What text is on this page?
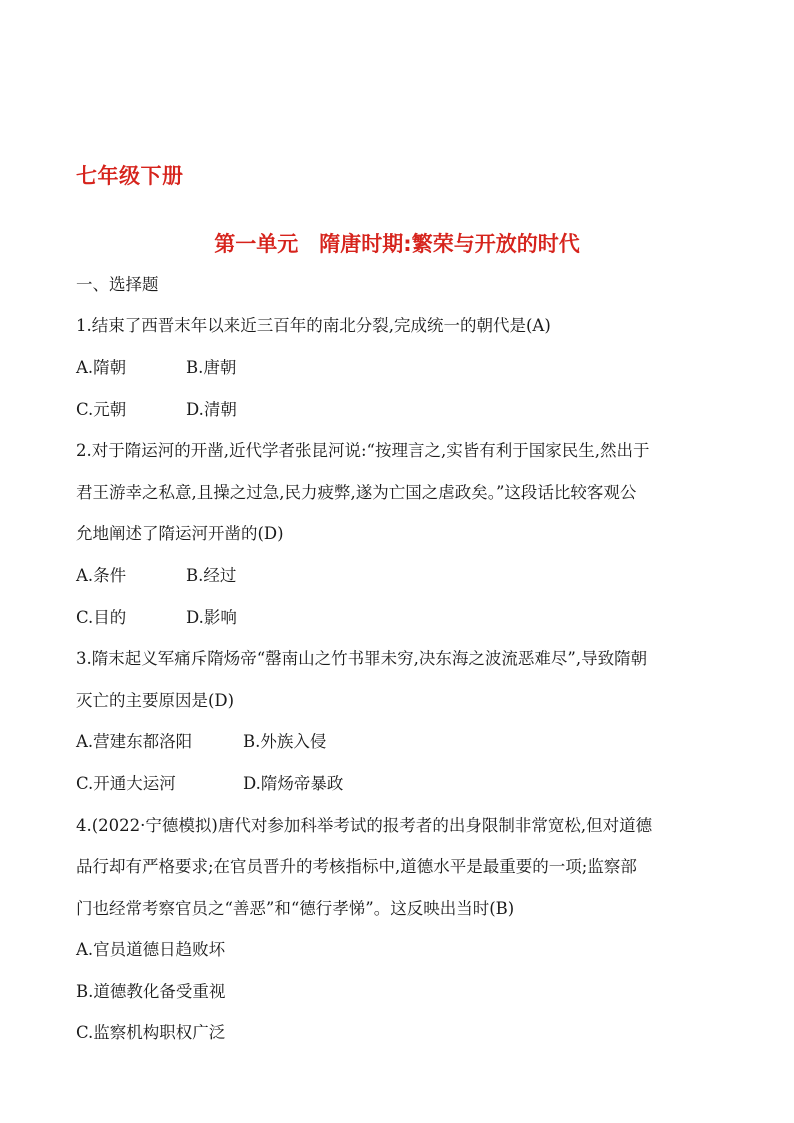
七年级下册
第一单元　隋唐时期:繁荣与开放的时代
一、选择题
1.结束了西晋末年以来近三百年的南北分裂,完成统一的朝代是(A)
A.隋朝	B.唐朝
C.元朝	D.清朝
2.对于隋运河的开凿,近代学者张昆河说:“按理言之,实皆有利于国家民生,然出于
君王游幸之私意,且操之过急,民力疲弊,遂为亡国之虐政矣。”这段话比较客观公
允地阐述了隋运河开凿的(D)
A.条件	B.经过
C.目的	D.影响
3.隋末起义军痛斥隋炀帝“罄南山之竹书罪未穷,决东海之波流恶难尽”,导致隋朝
灭亡的主要原因是(D)
A.营建东都洛阳	B.外族入侵
C.开通大运河	D.隋炀帝暴政
4.(2022·宁德模拟)唐代对参加科举考试的报考者的出身限制非常宽松,但对道德
品行却有严格要求;在官员晋升的考核指标中,道德水平是最重要的一项;监察部
门也经常考察官员之“善恶”和“德行孝悌”。这反映出当时(B)
A.官员道德日趋败坏
B.道德教化备受重视
C.监察机构职权广泛
